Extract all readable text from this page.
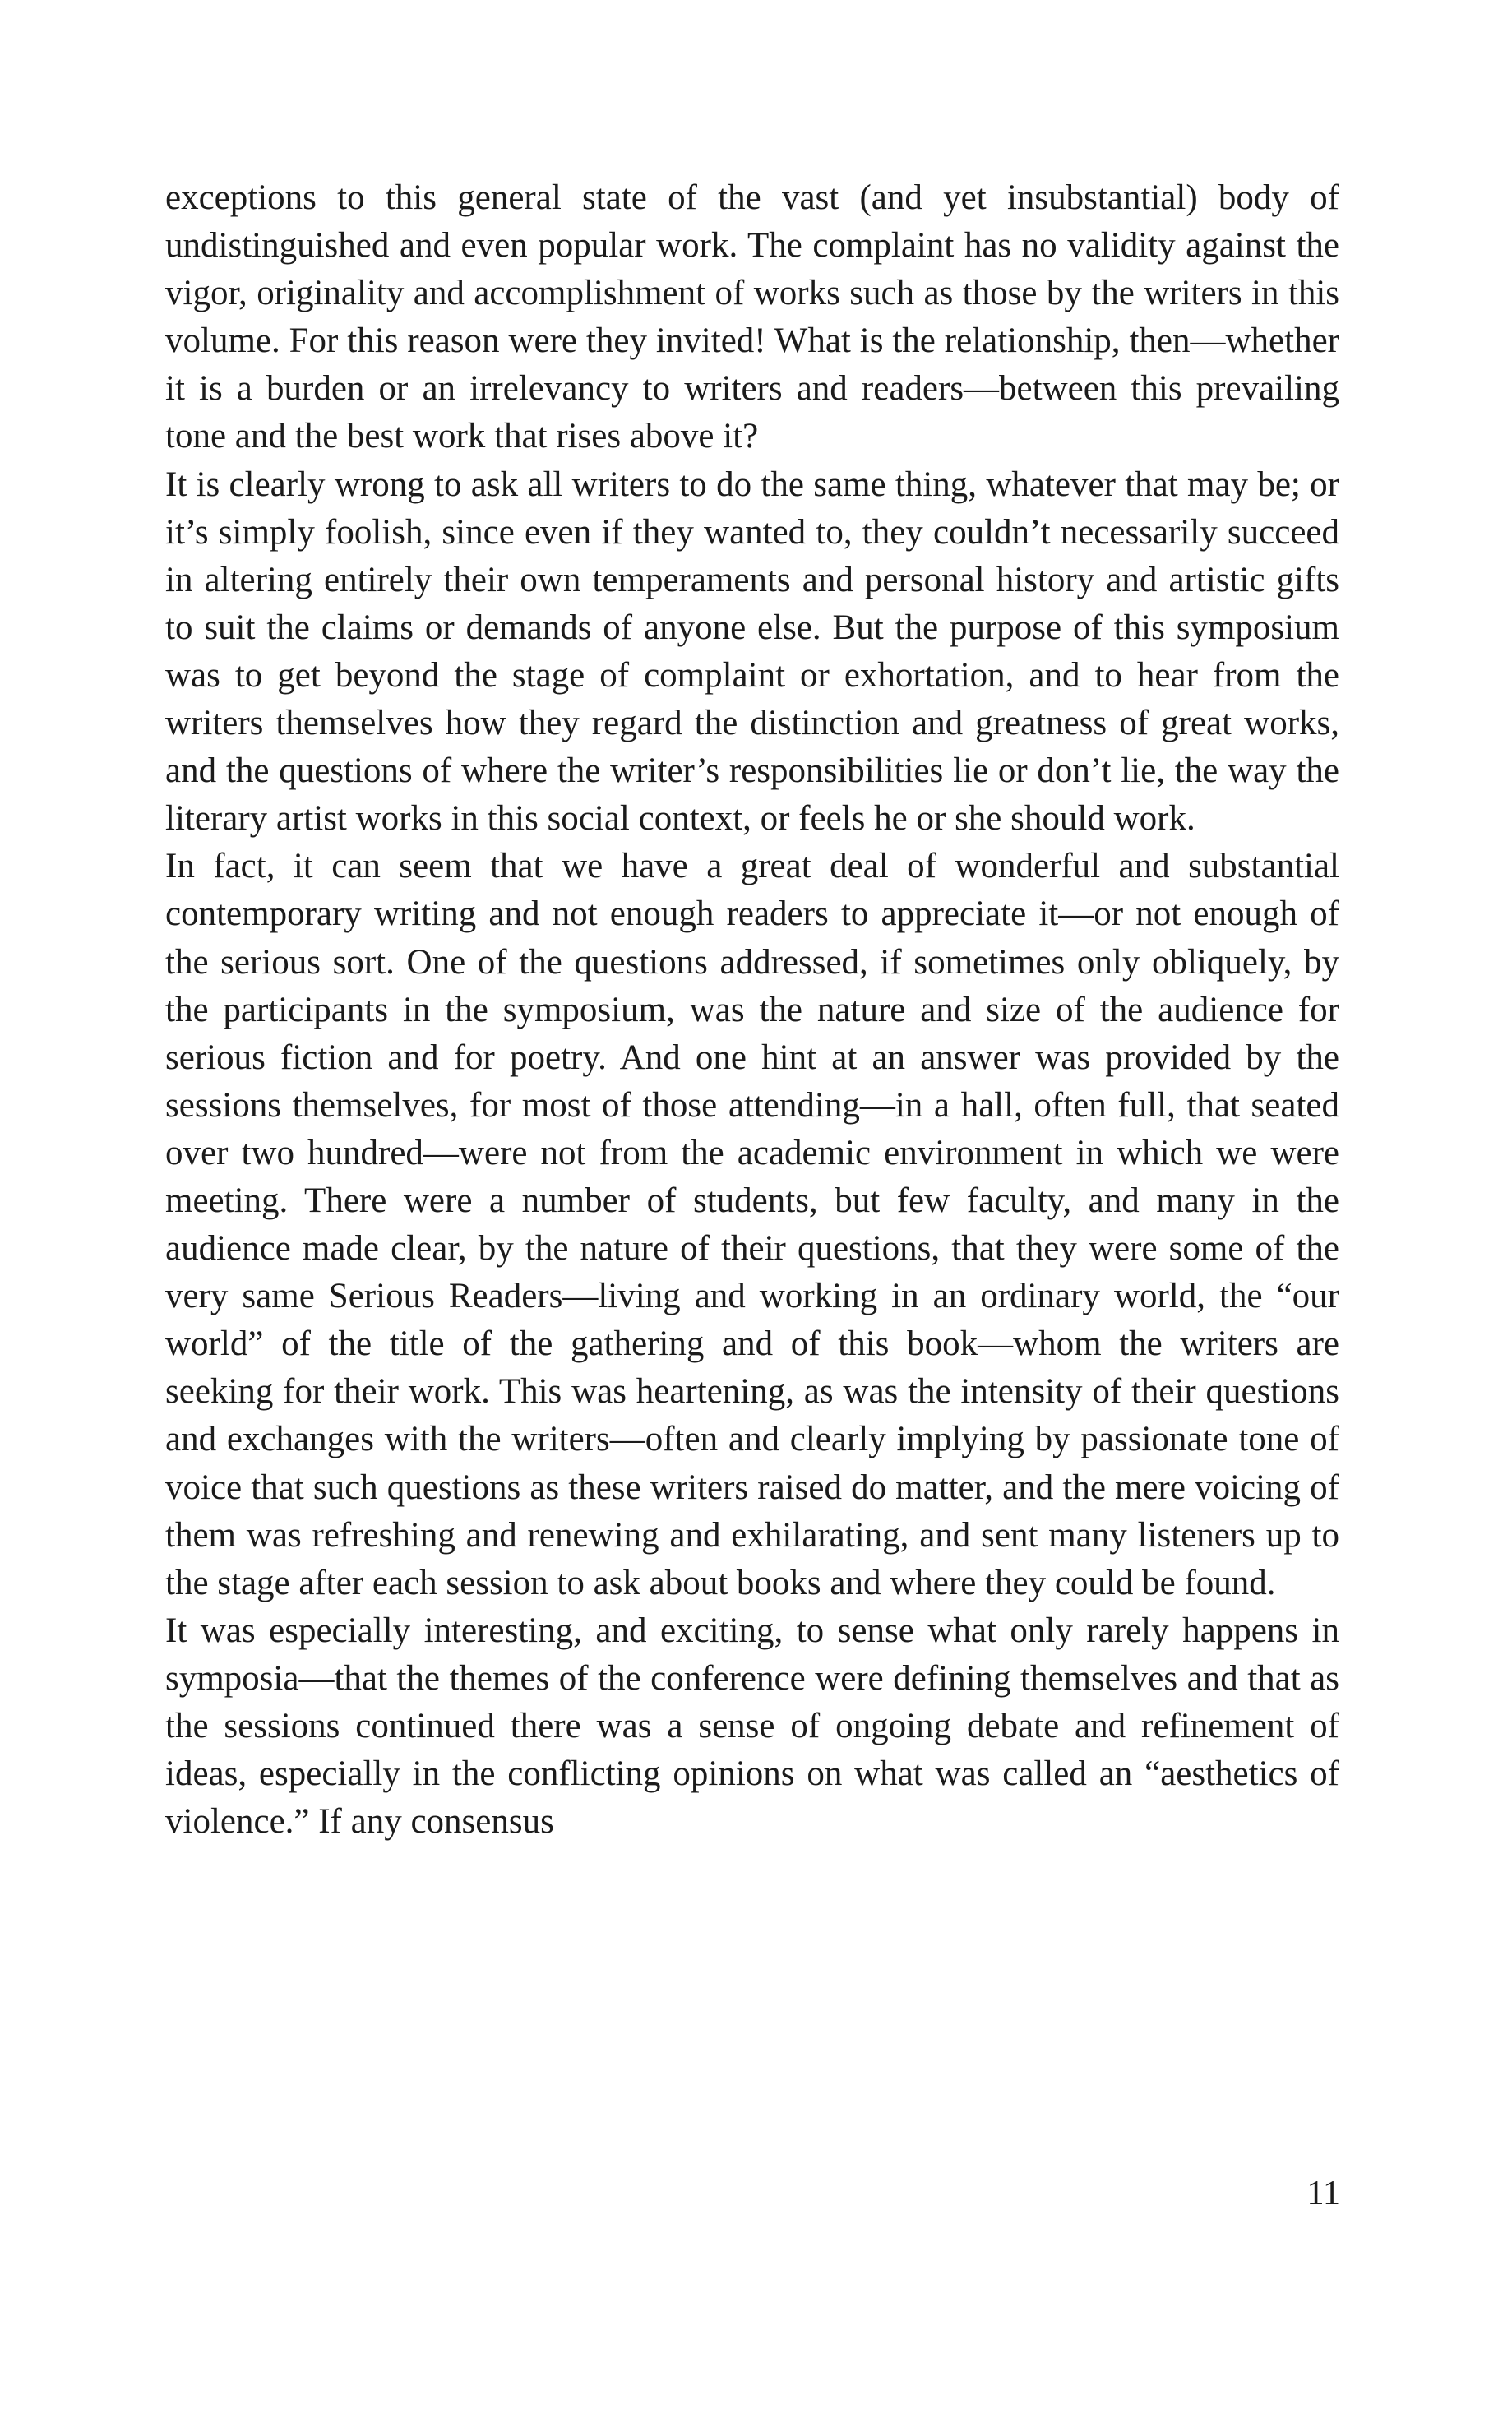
exceptions to this general state of the vast (and yet insubstantial) body of undistinguished and even popular work. The complaint has no validity against the vigor, originality and accomplishment of works such as those by the writers in this volume. For this reason were they invited! What is the relationship, then—whether it is a burden or an irrelevancy to writers and readers—between this prevailing tone and the best work that rises above it?

It is clearly wrong to ask all writers to do the same thing, whatever that may be; or it’s simply foolish, since even if they wanted to, they couldn’t necessarily succeed in altering entirely their own temperaments and personal history and artistic gifts to suit the claims or demands of anyone else. But the purpose of this symposium was to get beyond the stage of complaint or exhortation, and to hear from the writers themselves how they regard the distinction and greatness of great works, and the questions of where the writer’s responsibilities lie or don’t lie, the way the literary artist works in this social context, or feels he or she should work.

In fact, it can seem that we have a great deal of wonderful and substantial contemporary writing and not enough readers to appreciate it—or not enough of the serious sort. One of the questions addressed, if sometimes only obliquely, by the participants in the symposium, was the nature and size of the audience for serious fiction and for poetry. And one hint at an answer was provided by the sessions themselves, for most of those attending—in a hall, often full, that seated over two hundred—were not from the academic environment in which we were meeting. There were a number of students, but few faculty, and many in the audience made clear, by the nature of their questions, that they were some of the very same Serious Readers—living and working in an ordinary world, the “our world” of the title of the gathering and of this book—whom the writers are seeking for their work. This was heartening, as was the intensity of their questions and exchanges with the writers—often and clearly implying by passionate tone of voice that such questions as these writers raised do matter, and the mere voicing of them was refreshing and renewing and exhilarating, and sent many listeners up to the stage after each session to ask about books and where they could be found.

It was especially interesting, and exciting, to sense what only rarely happens in symposia—that the themes of the conference were defining themselves and that as the sessions continued there was a sense of ongoing debate and refinement of ideas, especially in the conflicting opinions on what was called an “aesthetics of violence.” If any consensus

11
